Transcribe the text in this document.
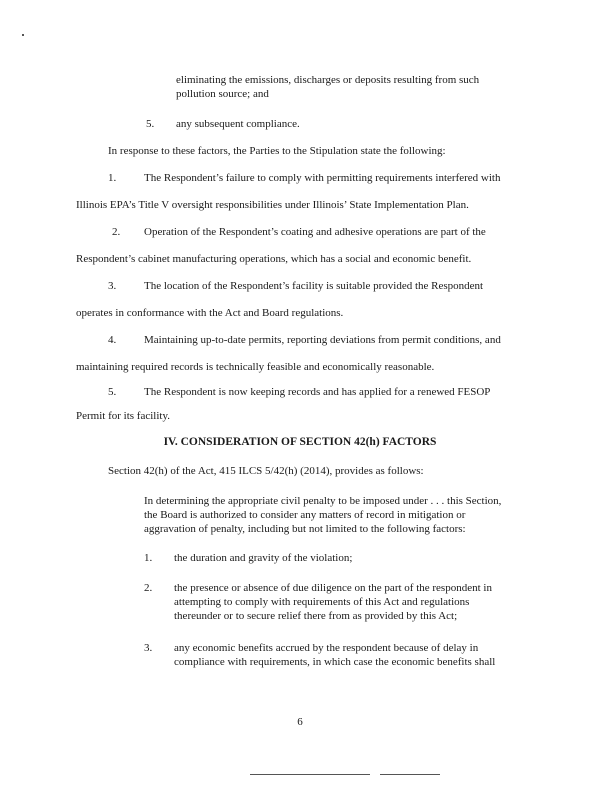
eliminating the emissions, discharges or deposits resulting from such
pollution source; and
5. any subsequent compliance.
In response to these factors, the Parties to the Stipulation state the following:
1.	The Respondent’s failure to comply with permitting requirements interfered with
Illinois EPA’s Title V oversight responsibilities under Illinois’ State Implementation Plan.
2. Operation of the Respondent’s coating and adhesive operations are part of the
Respondent’s cabinet manufacturing operations, which has a social and economic benefit.
3.	The location of the Respondent’s facility is suitable provided the Respondent
operates in conformance with the Act and Board regulations.
4.	Maintaining up-to-date permits, reporting deviations from permit conditions, and
maintaining required records is technically feasible and economically reasonable.
5.	The Respondent is now keeping records and has applied for a renewed FESOP
Permit for its facility.
IV. CONSIDERATION OF SECTION 42(h) FACTORS
Section 42(h) of the Act, 415 ILCS 5/42(h) (2014), provides as follows:
In determining the appropriate civil penalty to be imposed under . . . this Section,
the Board is authorized to consider any matters of record in mitigation or
aggravation of penalty, including but not limited to the following factors:
1. the duration and gravity of the violation;
2. the presence or absence of due diligence on the part of the respondent in
attempting to comply with requirements of this Act and regulations
thereunder or to secure relief there from as provided by this Act;
3. any economic benefits accrued by the respondent because of delay in
compliance with requirements, in which case the economic benefits shall
6
